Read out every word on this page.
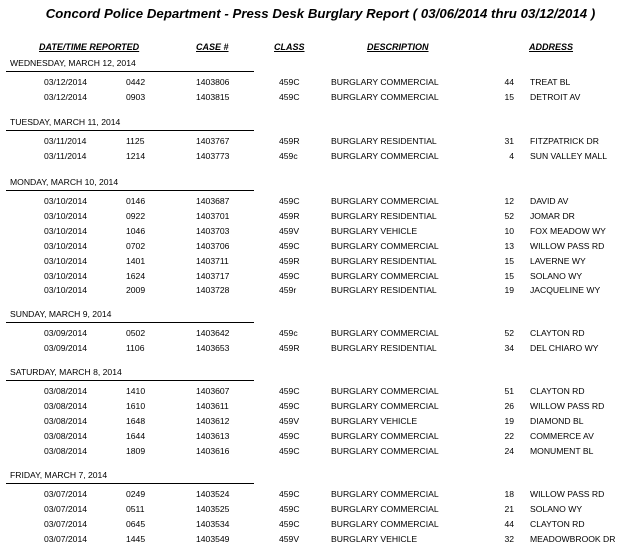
Concord Police Department - Press Desk Burglary Report ( 03/06/2014 thru 03/12/2014 )
DATE/TIME REPORTED	CASE #	CLASS	DESCRIPTION	ADDRESS
WEDNESDAY, MARCH 12, 2014
03/12/2014	0442	1403806	459C	BURGLARY COMMERCIAL	44 TREAT BL
03/12/2014	0903	1403815	459C	BURGLARY COMMERCIAL	15 DETROIT AV
TUESDAY, MARCH 11, 2014
03/11/2014	1125	1403767	459R	BURGLARY RESIDENTIAL	31 FITZPATRICK DR
03/11/2014	1214	1403773	459c	BURGLARY COMMERCIAL	4 SUN VALLEY MALL
MONDAY, MARCH 10, 2014
03/10/2014	0146	1403687	459C	BURGLARY COMMERCIAL	12 DAVID AV
03/10/2014	0922	1403701	459R	BURGLARY RESIDENTIAL	52 JOMAR DR
03/10/2014	1046	1403703	459V	BURGLARY VEHICLE	10 FOX MEADOW WY
03/10/2014	0702	1403706	459C	BURGLARY COMMERCIAL	13 WILLOW PASS RD
03/10/2014	1401	1403711	459R	BURGLARY RESIDENTIAL	15 LAVERNE WY
03/10/2014	1624	1403717	459C	BURGLARY COMMERCIAL	15 SOLANO WY
03/10/2014	2009	1403728	459r	BURGLARY RESIDENTIAL	19 JACQUELINE WY
SUNDAY, MARCH 9, 2014
03/09/2014	0502	1403642	459c	BURGLARY COMMERCIAL	52 CLAYTON RD
03/09/2014	1106	1403653	459R	BURGLARY RESIDENTIAL	34 DEL CHIARO WY
SATURDAY, MARCH 8, 2014
03/08/2014	1410	1403607	459C	BURGLARY COMMERCIAL	51 CLAYTON RD
03/08/2014	1610	1403611	459C	BURGLARY COMMERCIAL	26 WILLOW PASS RD
03/08/2014	1648	1403612	459V	BURGLARY VEHICLE	19 DIAMOND BL
03/08/2014	1644	1403613	459C	BURGLARY COMMERCIAL	22 COMMERCE AV
03/08/2014	1809	1403616	459C	BURGLARY COMMERCIAL	24 MONUMENT BL
FRIDAY, MARCH 7, 2014
03/07/2014	0249	1403524	459C	BURGLARY COMMERCIAL	18 WILLOW PASS RD
03/07/2014	0511	1403525	459C	BURGLARY COMMERCIAL	21 SOLANO WY
03/07/2014	0645	1403534	459C	BURGLARY COMMERCIAL	44 CLAYTON RD
03/07/2014	1445	1403549	459V	BURGLARY VEHICLE	32 MEADOWBROOK DR
